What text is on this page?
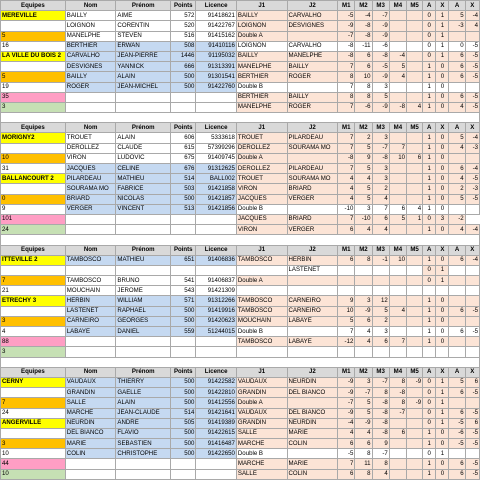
Equipes	Nom	Prénom	Points	Licence	J1	J2	M1	M2	M3	M4	M5	A	X	A	X
MEREVILLE	BAILLY	AIME	572	91418621	BAILLY	CARVALHO	-5	-4	-7			0	1	5	-4
	LOIGNON	CORENTIN	520	91422767	LOIGNON	DESVIGNES	-9	-8	-9			0	1	-3	4
5	MANELPHE	STEVEN	516	91415162	Double A		-7	-8	-9			0	1		
16	BERTHIER	ERWAN	508	91410116	LOIGNON	CARVALHO	-8	-11	-6			0	1	0	-5
LA VILLE DU BOIS 2	CARVALHO	JEAN-PIERRE	1446	91195032	BAILLY	MANELPHE	-8	6	-8	-4		0	1	6	-5
	DESVIGNES	YANNICK	666	91313391	MANELPHE	BAILLY	7	6	-5	5		1	0	6	-5
5	BAILLY	ALAIN	500	91301541	BERTHIER	ROGER	8	10	-9	4		1	0	6	-5
19	ROGER	JEAN-MICHEL	500	91422760	Double B		7	8	3			1	0		
35					BERTHIER	BAILLY	8	8	5			1	0	6	-5
3					MANELPHE	ROGER	7	-6	-9	-8	4	1	0	4	-5

Equipes	Nom	Prénom	Points	Licence	J1	J2	M1	M2	M3	M4	M5	A	X	A	X
MORIGNY2	TROUET	ALAIN	606	5333618	TROUET	PILARDEAU	7	2	3			1	0	5	-4
	DEROLLEZ	CLAUDE	615	57399296	DEROLLEZ	SOURAMA MO	7	5	-7	7		1	0	4	-3
10	VIRON	LUDOVIC	675	91409745	Double A		-8	9	-8	10	6	1	0		
31	JACQUES	CELINE	676	91312625	DEROLLEZ	PILARDEAU	7	5	3			1	0	6	-4
BALLANCOURT 2	PILARDEAU	MATHIEU	514	BALL002	TROUET	SOURAMA MO	4	4	3			1	0	4	-5
	SOURAMA MO	FABRICE	503	91421858	VIRON	BRIARD	4	5	2			1	0	2	-3
0	BRIARD	NICOLAS	500	91421857	JACQUES	VERGER	4	5	4			1	0	5	-5
9	VERGER	VINCENT	513	91421856	Double B		-10	3	7	6	4	1	0		
101					JACQUES	BRIARD	7	-10	6	5	1	0	3	-2	
24					VIRON	VERGER	6	4	4			1	0	4	-4

Equipes	Nom	Prénom	Points	Licence	J1	J2	M1	M2	M3	M4	M5	A	X	A	X
ITTEVILLE 2	TAMBOSCO	MATHIEU	651	91406836	TAMBOSCO	HERBIN	6	8	-1	10		1	0	6	-4
						LASTENET						0	1		
7	TAMBOSCO	BRUNO	541	91406837	Double A							0	1		
21	MOUCHAIN	JEROME	543	91421309											
ETRECHY 3	HERBIN	WILLIAM	571	91312266	TAMBOSCO	CARNEIRO	9	3	12			1	0		
	LASTENET	RAPHAEL	500	91419916	TAMBOSCO	CARNEIRO	10	-9	5	4		1	0	6	-5
3	CARNEIRO	GEORGES	500	91420623	MOUCHAIN	LABAYE	5	6	2			1	0		
4	LABAYE	DANIEL	559	51244015	Double B		7	4	3			1	0	6	-5
88					TAMBOSCO	LABAYE	-12	4	6	7		1	0		
3															

Equipes	Nom	Prénom	Points	Licence	J1	J2	M1	M2	M3	M4	M5	A	X	A	X
CERNY	VAUDAUX	THIERRY	500	91422582	VAUDAUX	NEURDIN	-9	3	-7	8	-9	0	1	5	6
	GRANDIN	GAELLE	500	91422810	GRANDIN	DEL BIANCO	-9	-7	8	-8		0	1	6	-5
7	SALLE	ALAIN	500	91412556	Double A		-7	5	-8	8	-9	0	1		
24	MARCHE	JEAN-CLAUDE	514	91421641	VAUDAUX	DEL BIANCO	-9	5	-8	-7		0	1	6	-5
ANGERVILLE	NEURDIN	ANDRE	505	91419389	GRANDIN	NEURDIN	-4	-9	-8			0	1	-5	6
	DEL BIANCO	FLAVIO	500	91422615	SALLE	MARIE	4	4	-8	6		1	0	-6	-5
3	MARIE	SEBASTIEN	500	91416487	MARCHE	COLIN	6	6	9			1	0	-5	-5
10	COLIN	CHRISTOPHE	500	91422650	Double B		-5	8	-7			0	1		
44					MARCHE	MARIE	7	11	8			1	0	6	-5
10					SALLE	COLIN	6	8	4			1	0	6	-5
